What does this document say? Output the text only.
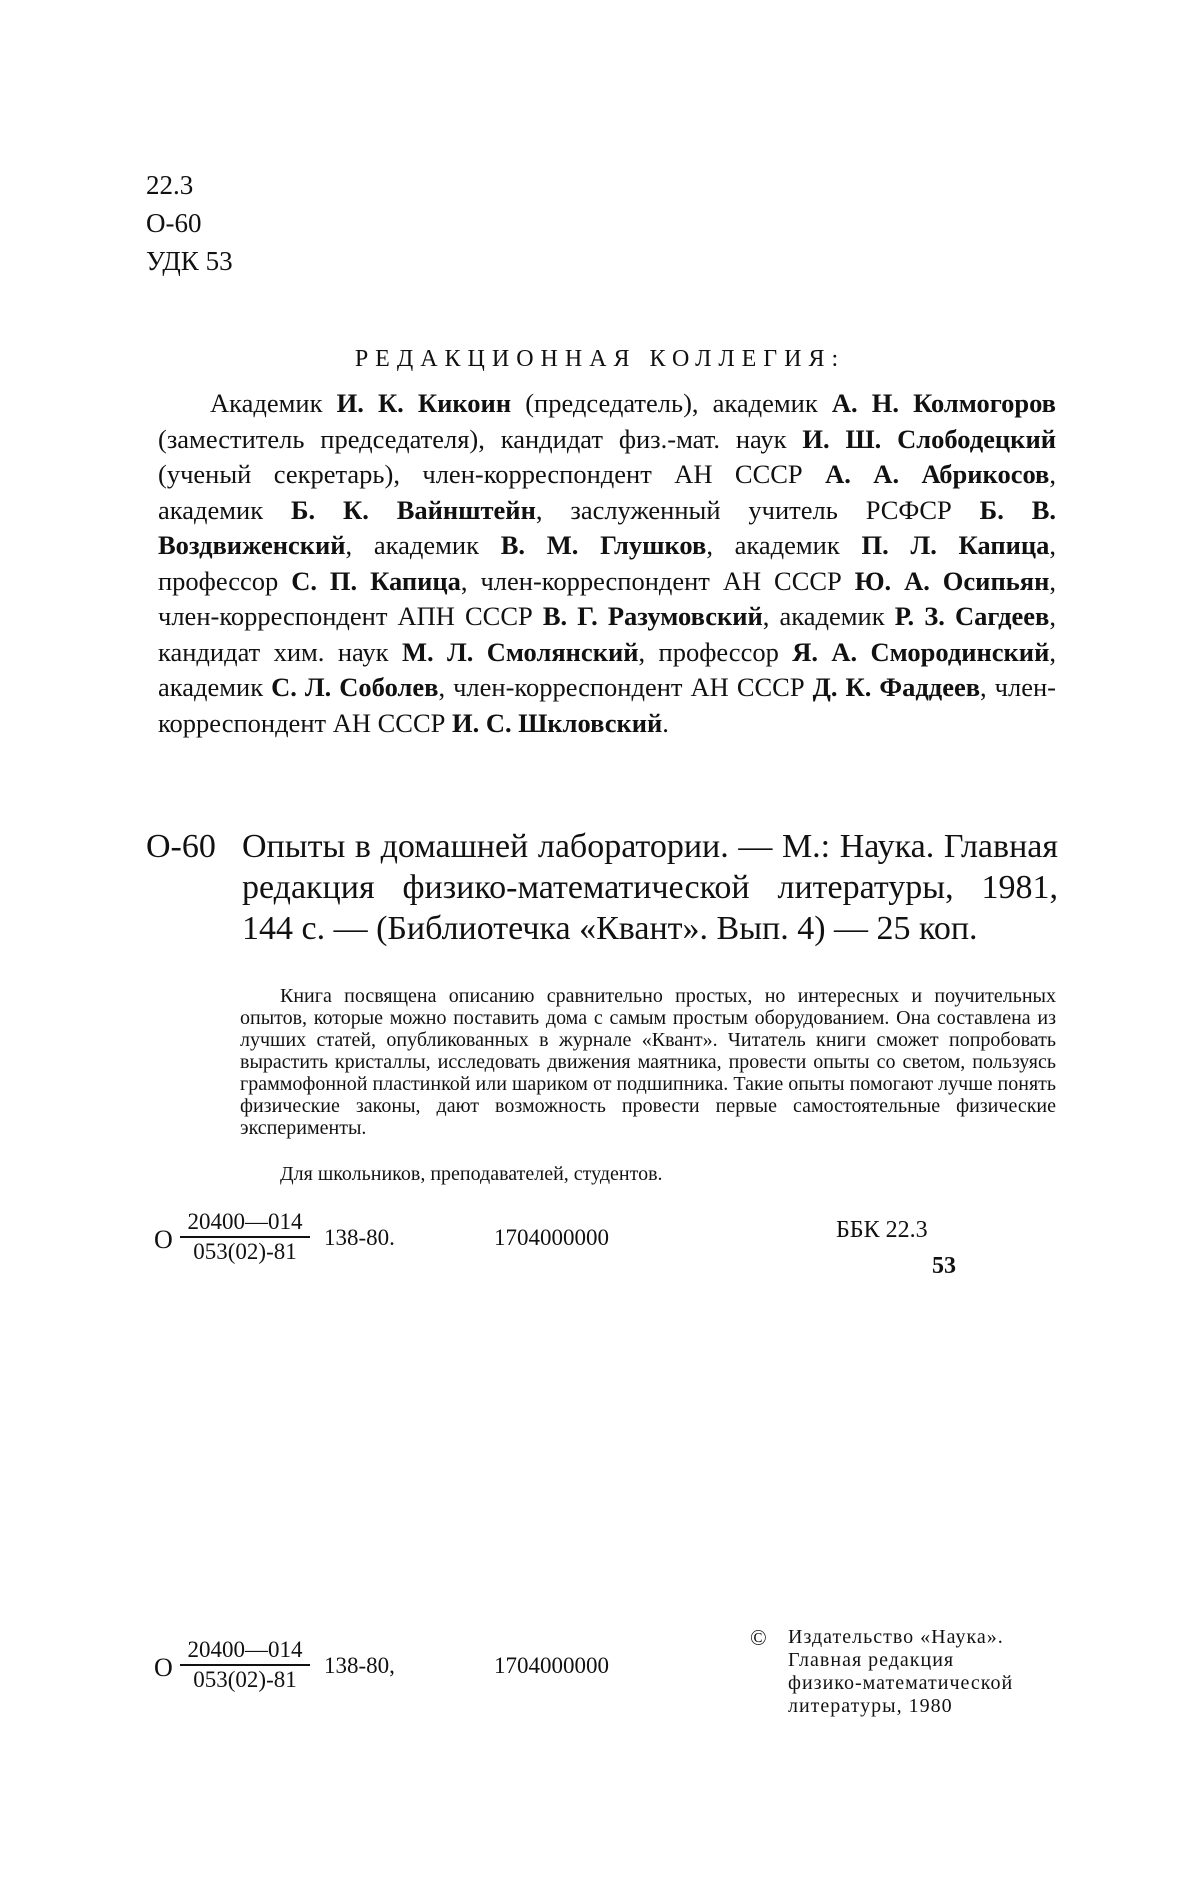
22.3
О-60
УДК 53
РЕДАКЦИОННАЯ КОЛЛЕГИЯ:
Академик И. К. Кикоин (председатель), академик А. Н. Колмогоров (заместитель председателя), кандидат физ.-мат. наук И. Ш. Слободецкий (ученый секретарь), член-корреспондент АН СССР А. А. Абрикосов, академик Б. К. Вайнштейн, заслуженный учитель РСФСР Б. В. Воздвиженский, академик В. М. Глушков, академик П. Л. Капица, профессор С. П. Капица, член-корреспондент АН СССР Ю. А. Осипьян, член-корреспондент АПН СССР В. Г. Разумовский, академик Р. З. Сагдеев, кандидат хим. наук М. Л. Смолянский, профессор Я. А. Смородинский, академик С. Л. Соболев, член-корреспондент АН СССР Д. К. Фаддеев, член-корреспондент АН СССР И. С. Шкловский.
О-60 Опыты в домашней лаборатории. — М.: Наука. Главная редакция физико-математической литературы, 1981, 144 с. — (Библиотечка «Квант». Вып. 4) — 25 коп.
Книга посвящена описанию сравнительно простых, но интересных и поучительных опытов, которые можно поставить дома с самым простым оборудованием. Она составлена из лучших статей, опубликованных в журнале «Квант». Читатель книги сможет попробовать вырастить кристаллы, исследовать движения маятника, провести опыты со светом, пользуясь граммофонной пластинкой или шариком от подшипника. Такие опыты помогают лучше понять физические законы, дают возможность провести первые самостоятельные физические эксперименты.
Для школьников, преподавателей, студентов.
О $\frac{20400—014}{053(02)-81} 138-80$.	1704000000	ББК 22.3
53
О $\frac{20400—014}{053(02)-81} 138-80$,	1704000000
© Издательство «Наука».
Главная редакция
физико-математической
литературы, 1980
